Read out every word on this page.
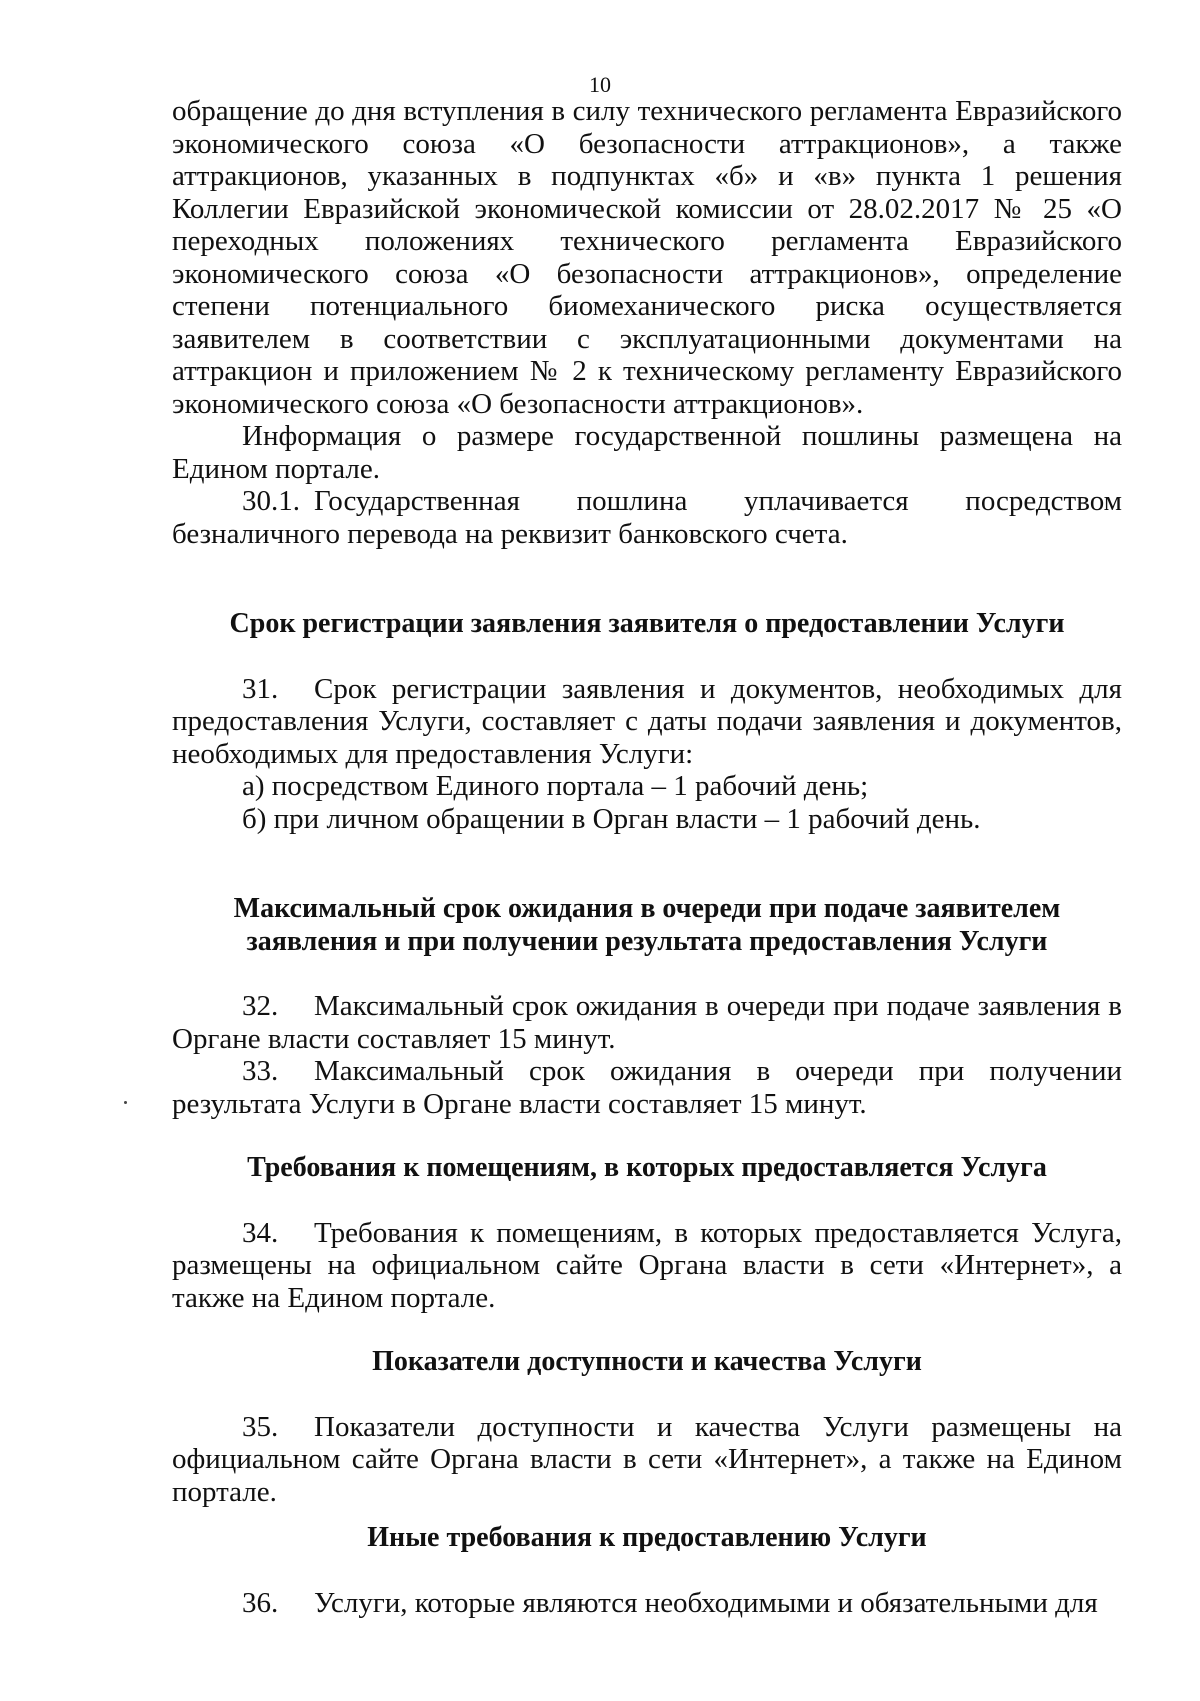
10

обращение до дня вступления в силу технического регламента Евразийского экономического союза «О безопасности аттракционов», а также аттракционов, указанных в подпунктах «б» и «в» пункта 1 решения Коллегии Евразийской экономической комиссии от 28.02.2017 № 25 «О переходных положениях технического регламента Евразийского экономического союза «О безопасности аттракционов», определение степени потенциального биомеханического риска осуществляется заявителем в соответствии с эксплуатационными документами на аттракцион и приложением № 2 к техническому регламенту Евразийского экономического союза «О безопасности аттракционов».

Информация о размере государственной пошлины размещена на Едином портале.

30.1. Государственная пошлина уплачивается посредством безналичного перевода на реквизит банковского счета.

Срок регистрации заявления заявителя о предоставлении Услуги

31. Срок регистрации заявления и документов, необходимых для предоставления Услуги, составляет с даты подачи заявления и документов, необходимых для предоставления Услуги:

а) посредством Единого портала – 1 рабочий день;

б) при личном обращении в Орган власти – 1 рабочий день.

Максимальный срок ожидания в очереди при подаче заявителем
заявления и при получении результата предоставления Услуги

32. Максимальный срок ожидания в очереди при подаче заявления в Органе власти составляет 15 минут.

33. Максимальный срок ожидания в очереди при получении результата Услуги в Органе власти составляет 15 минут.

Требования к помещениям, в которых предоставляется Услуга

34. Требования к помещениям, в которых предоставляется Услуга, размещены на официальном сайте Органа власти в сети «Интернет», а также на Едином портале.

Показатели доступности и качества Услуги

35. Показатели доступности и качества Услуги размещены на официальном сайте Органа власти в сети «Интернет», а также на Едином портале.

Иные требования к предоставлению Услуги

36. Услуги, которые являются необходимыми и обязательными для
